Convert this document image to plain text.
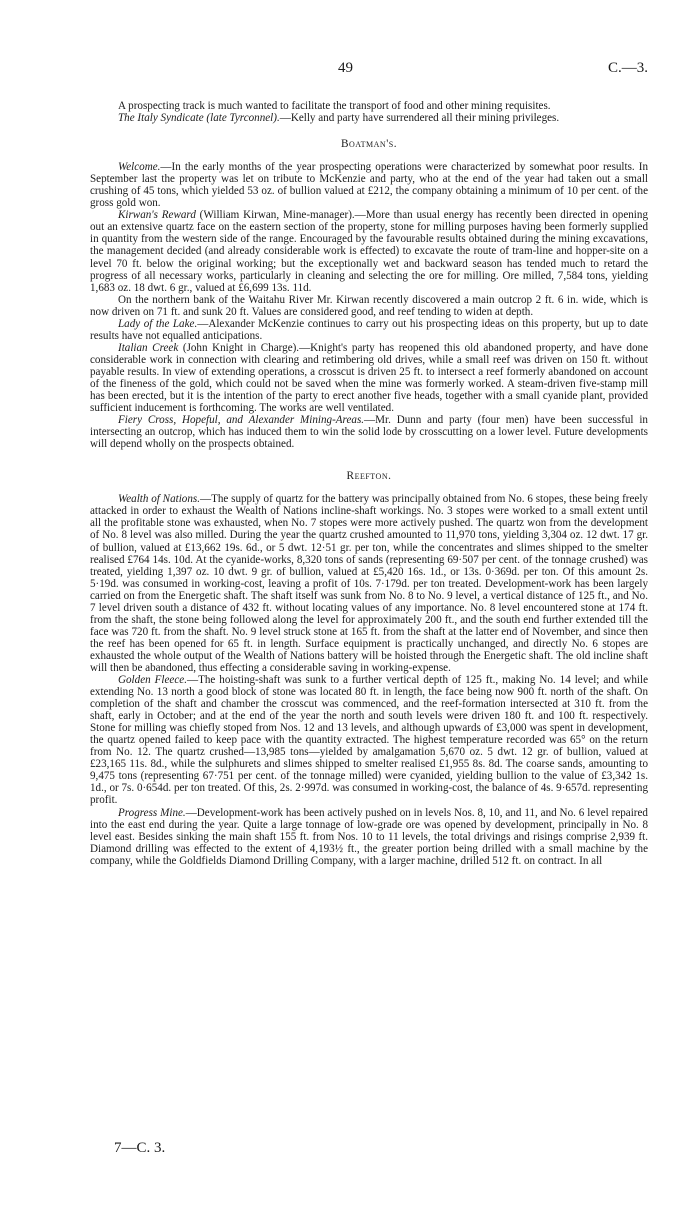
49	C.—3.

A prospecting track is much wanted to facilitate the transport of food and other mining requisites.

The Italy Syndicate (late Tyrconnel).—Kelly and party have surrendered all their mining privileges.

Boatman's.

Welcome.—In the early months of the year prospecting operations were characterized by somewhat poor results. In September last the property was let on tribute to McKenzie and party, who at the end of the year had taken out a small crushing of 45 tons, which yielded 53 oz. of bullion valued at £212, the company obtaining a minimum of 10 per cent. of the gross gold won.

Kirwan's Reward (William Kirwan, Mine-manager).—More than usual energy has recently been directed in opening out an extensive quartz face on the eastern section of the property, stone for milling purposes having been formerly supplied in quantity from the western side of the range. Encouraged by the favourable results obtained during the mining excavations, the management decided (and already considerable work is effected) to excavate the route of tram-line and hopper-site on a level 70 ft. below the original working; but the exceptionally wet and backward season has tended much to retard the progress of all necessary works, particularly in cleaning and selecting the ore for milling. Ore milled, 7,584 tons, yielding 1,683 oz. 18 dwt. 6 gr., valued at £6,699 13s. 11d.

On the northern bank of the Waitahu River Mr. Kirwan recently discovered a main outcrop 2 ft. 6 in. wide, which is now driven on 71 ft. and sunk 20 ft. Values are considered good, and reef tending to widen at depth.

Lady of the Lake.—Alexander McKenzie continues to carry out his prospecting ideas on this property, but up to date results have not equalled anticipations.

Italian Creek (John Knight in Charge).—Knight's party has reopened this old abandoned property, and have done considerable work in connection with clearing and retimbering old drives, while a small reef was driven on 150 ft. without payable results. In view of extending operations, a crosscut is driven 25 ft. to intersect a reef formerly abandoned on account of the fineness of the gold, which could not be saved when the mine was formerly worked. A steam-driven five-stamp mill has been erected, but it is the intention of the party to erect another five heads, together with a small cyanide plant, provided sufficient inducement is forthcoming. The works are well ventilated.

Fiery Cross, Hopeful, and Alexander Mining-Areas.—Mr. Dunn and party (four men) have been successful in intersecting an outcrop, which has induced them to win the solid lode by crosscutting on a lower level. Future developments will depend wholly on the prospects obtained.

Reefton.

Wealth of Nations.—The supply of quartz for the battery was principally obtained from No. 6 stopes, these being freely attacked in order to exhaust the Wealth of Nations incline-shaft workings. No. 3 stopes were worked to a small extent until all the profitable stone was exhausted, when No. 7 stopes were more actively pushed. The quartz won from the development of No. 8 level was also milled. During the year the quartz crushed amounted to 11,970 tons, yielding 3,304 oz. 12 dwt. 17 gr. of bullion, valued at £13,662 19s. 6d., or 5 dwt. 12·51 gr. per ton, while the concentrates and slimes shipped to the smelter realised £764 14s. 10d. At the cyanide-works, 8,320 tons of sands (representing 69·507 per cent. of the tonnage crushed) was treated, yielding 1,397 oz. 10 dwt. 9 gr. of bullion, valued at £5,420 16s. 1d., or 13s. 0·369d. per ton. Of this amount 2s. 5·19d. was consumed in working-cost, leaving a profit of 10s. 7·179d. per ton treated. Development-work has been largely carried on from the Energetic shaft. The shaft itself was sunk from No. 8 to No. 9 level, a vertical distance of 125 ft., and No. 7 level driven south a distance of 432 ft. without locating values of any importance. No. 8 level encountered stone at 174 ft. from the shaft, the stone being followed along the level for approximately 200 ft., and the south end further extended till the face was 720 ft. from the shaft. No. 9 level struck stone at 165 ft. from the shaft at the latter end of November, and since then the reef has been opened for 65 ft. in length. Surface equipment is practically unchanged, and directly No. 6 stopes are exhausted the whole output of the Wealth of Nations battery will be hoisted through the Energetic shaft. The old incline shaft will then be abandoned, thus effecting a considerable saving in working-expense.

Golden Fleece.—The hoisting-shaft was sunk to a further vertical depth of 125 ft., making No. 14 level; and while extending No. 13 north a good block of stone was located 80 ft. in length, the face being now 900 ft. north of the shaft. On completion of the shaft and chamber the crosscut was commenced, and the reef-formation intersected at 310 ft. from the shaft, early in October; and at the end of the year the north and south levels were driven 180 ft. and 100 ft. respectively. Stone for milling was chiefly stoped from Nos. 12 and 13 levels, and although upwards of £3,000 was spent in development, the quartz opened failed to keep pace with the quantity extracted. The highest temperature recorded was 65° on the return from No. 12. The quartz crushed—13,985 tons—yielded by amalgamation 5,670 oz. 5 dwt. 12 gr. of bullion, valued at £23,165 11s. 8d., while the sulphurets and slimes shipped to smelter realised £1,955 8s. 8d. The coarse sands, amounting to 9,475 tons (representing 67·751 per cent. of the tonnage milled) were cyanided, yielding bullion to the value of £3,342 1s. 1d., or 7s. 0·654d. per ton treated. Of this, 2s. 2·997d. was consumed in working-cost, the balance of 4s. 9·657d. representing profit.

Progress Mine.—Development-work has been actively pushed on in levels Nos. 8, 10, and 11, and No. 6 level repaired into the east end during the year. Quite a large tonnage of low-grade ore was opened by development, principally in No. 8 level east. Besides sinking the main shaft 155 ft. from Nos. 10 to 11 levels, the total drivings and risings comprise 2,939 ft. Diamond drilling was effected to the extent of 4,193½ ft., the greater portion being drilled with a small machine by the company, while the Goldfields Diamond Drilling Company, with a larger machine, drilled 512 ft. on contract. In all

7—C. 3.
